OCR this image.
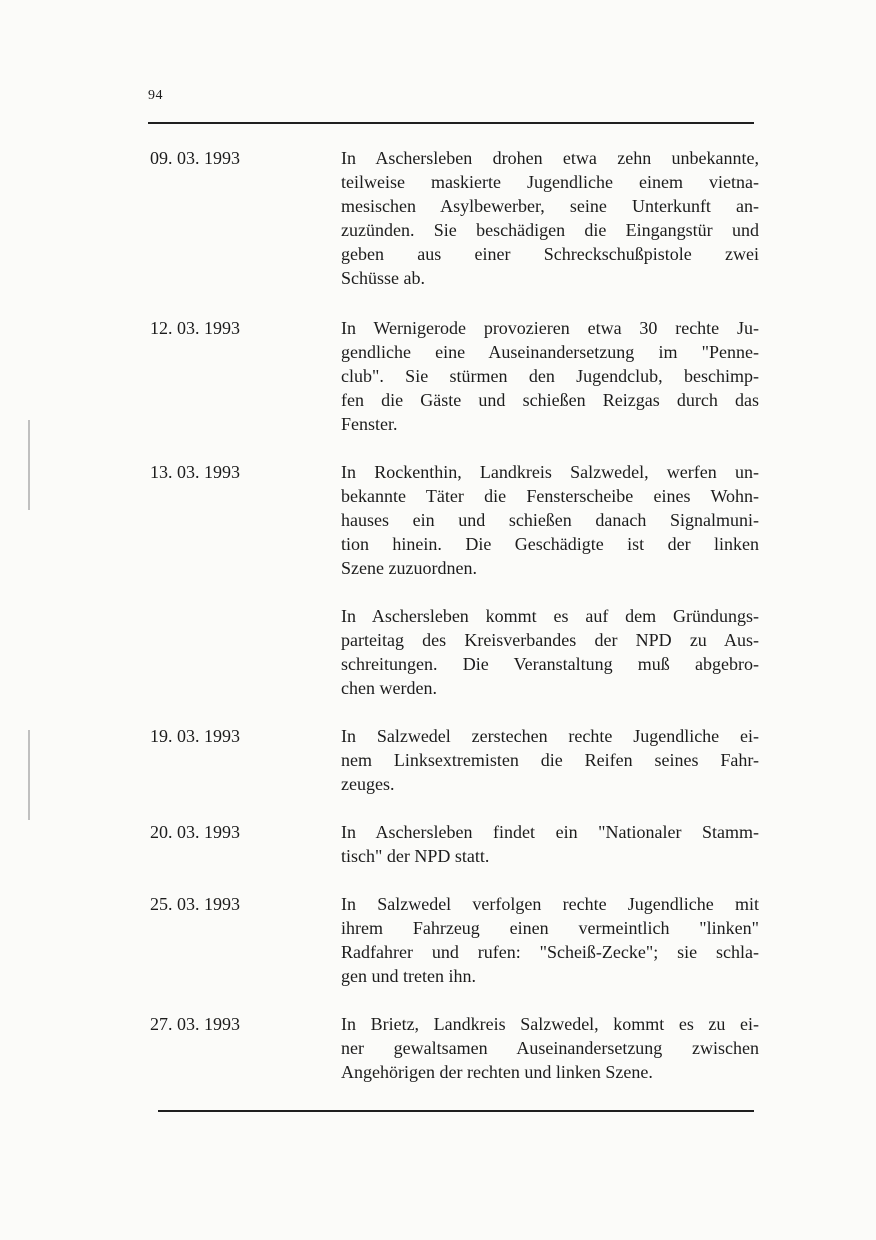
94
09. 03. 1993	In Aschersleben drohen etwa zehn unbekannte,
teilweise maskierte Jugendliche einem vietna-
mesischen Asylbewerber, seine Unterkunft an-
zuzünden. Sie beschädigen die Eingangstür und
geben aus einer Schreckschußpistole zwei
Schüsse ab.
12. 03. 1993	In Wernigerode provozieren etwa 30 rechte Ju-
gendliche eine Auseinandersetzung im "Penne-
club". Sie stürmen den Jugendclub, beschimp-
fen die Gäste und schießen Reizgas durch das
Fenster.
13. 03. 1993	In Rockenthin, Landkreis Salzwedel, werfen un-
bekannte Täter die Fensterscheibe eines Wohn-
hauses ein und schießen danach Signalmuni-
tion hinein. Die Geschädigte ist der linken
Szene zuzuordnen.
In Aschersleben kommt es auf dem Gründungs-
parteitag des Kreisverbandes der NPD zu Aus-
schreitungen. Die Veranstaltung muß abgebro-
chen werden.
19. 03. 1993	In Salzwedel zerstechen rechte Jugendliche ei-
nem Linksextremisten die Reifen seines Fahr-
zeuges.
20. 03. 1993	In Aschersleben findet ein "Nationaler Stamm-
tisch" der NPD statt.
25. 03. 1993	In Salzwedel verfolgen rechte Jugendliche mit
ihrem Fahrzeug einen vermeintlich "linken"
Radfahrer und rufen: "Scheiß-Zecke"; sie schla-
gen und treten ihn.
27. 03. 1993	In Brietz, Landkreis Salzwedel, kommt es zu ei-
ner gewaltsamen Auseinandersetzung zwischen
Angehörigen der rechten und linken Szene.
